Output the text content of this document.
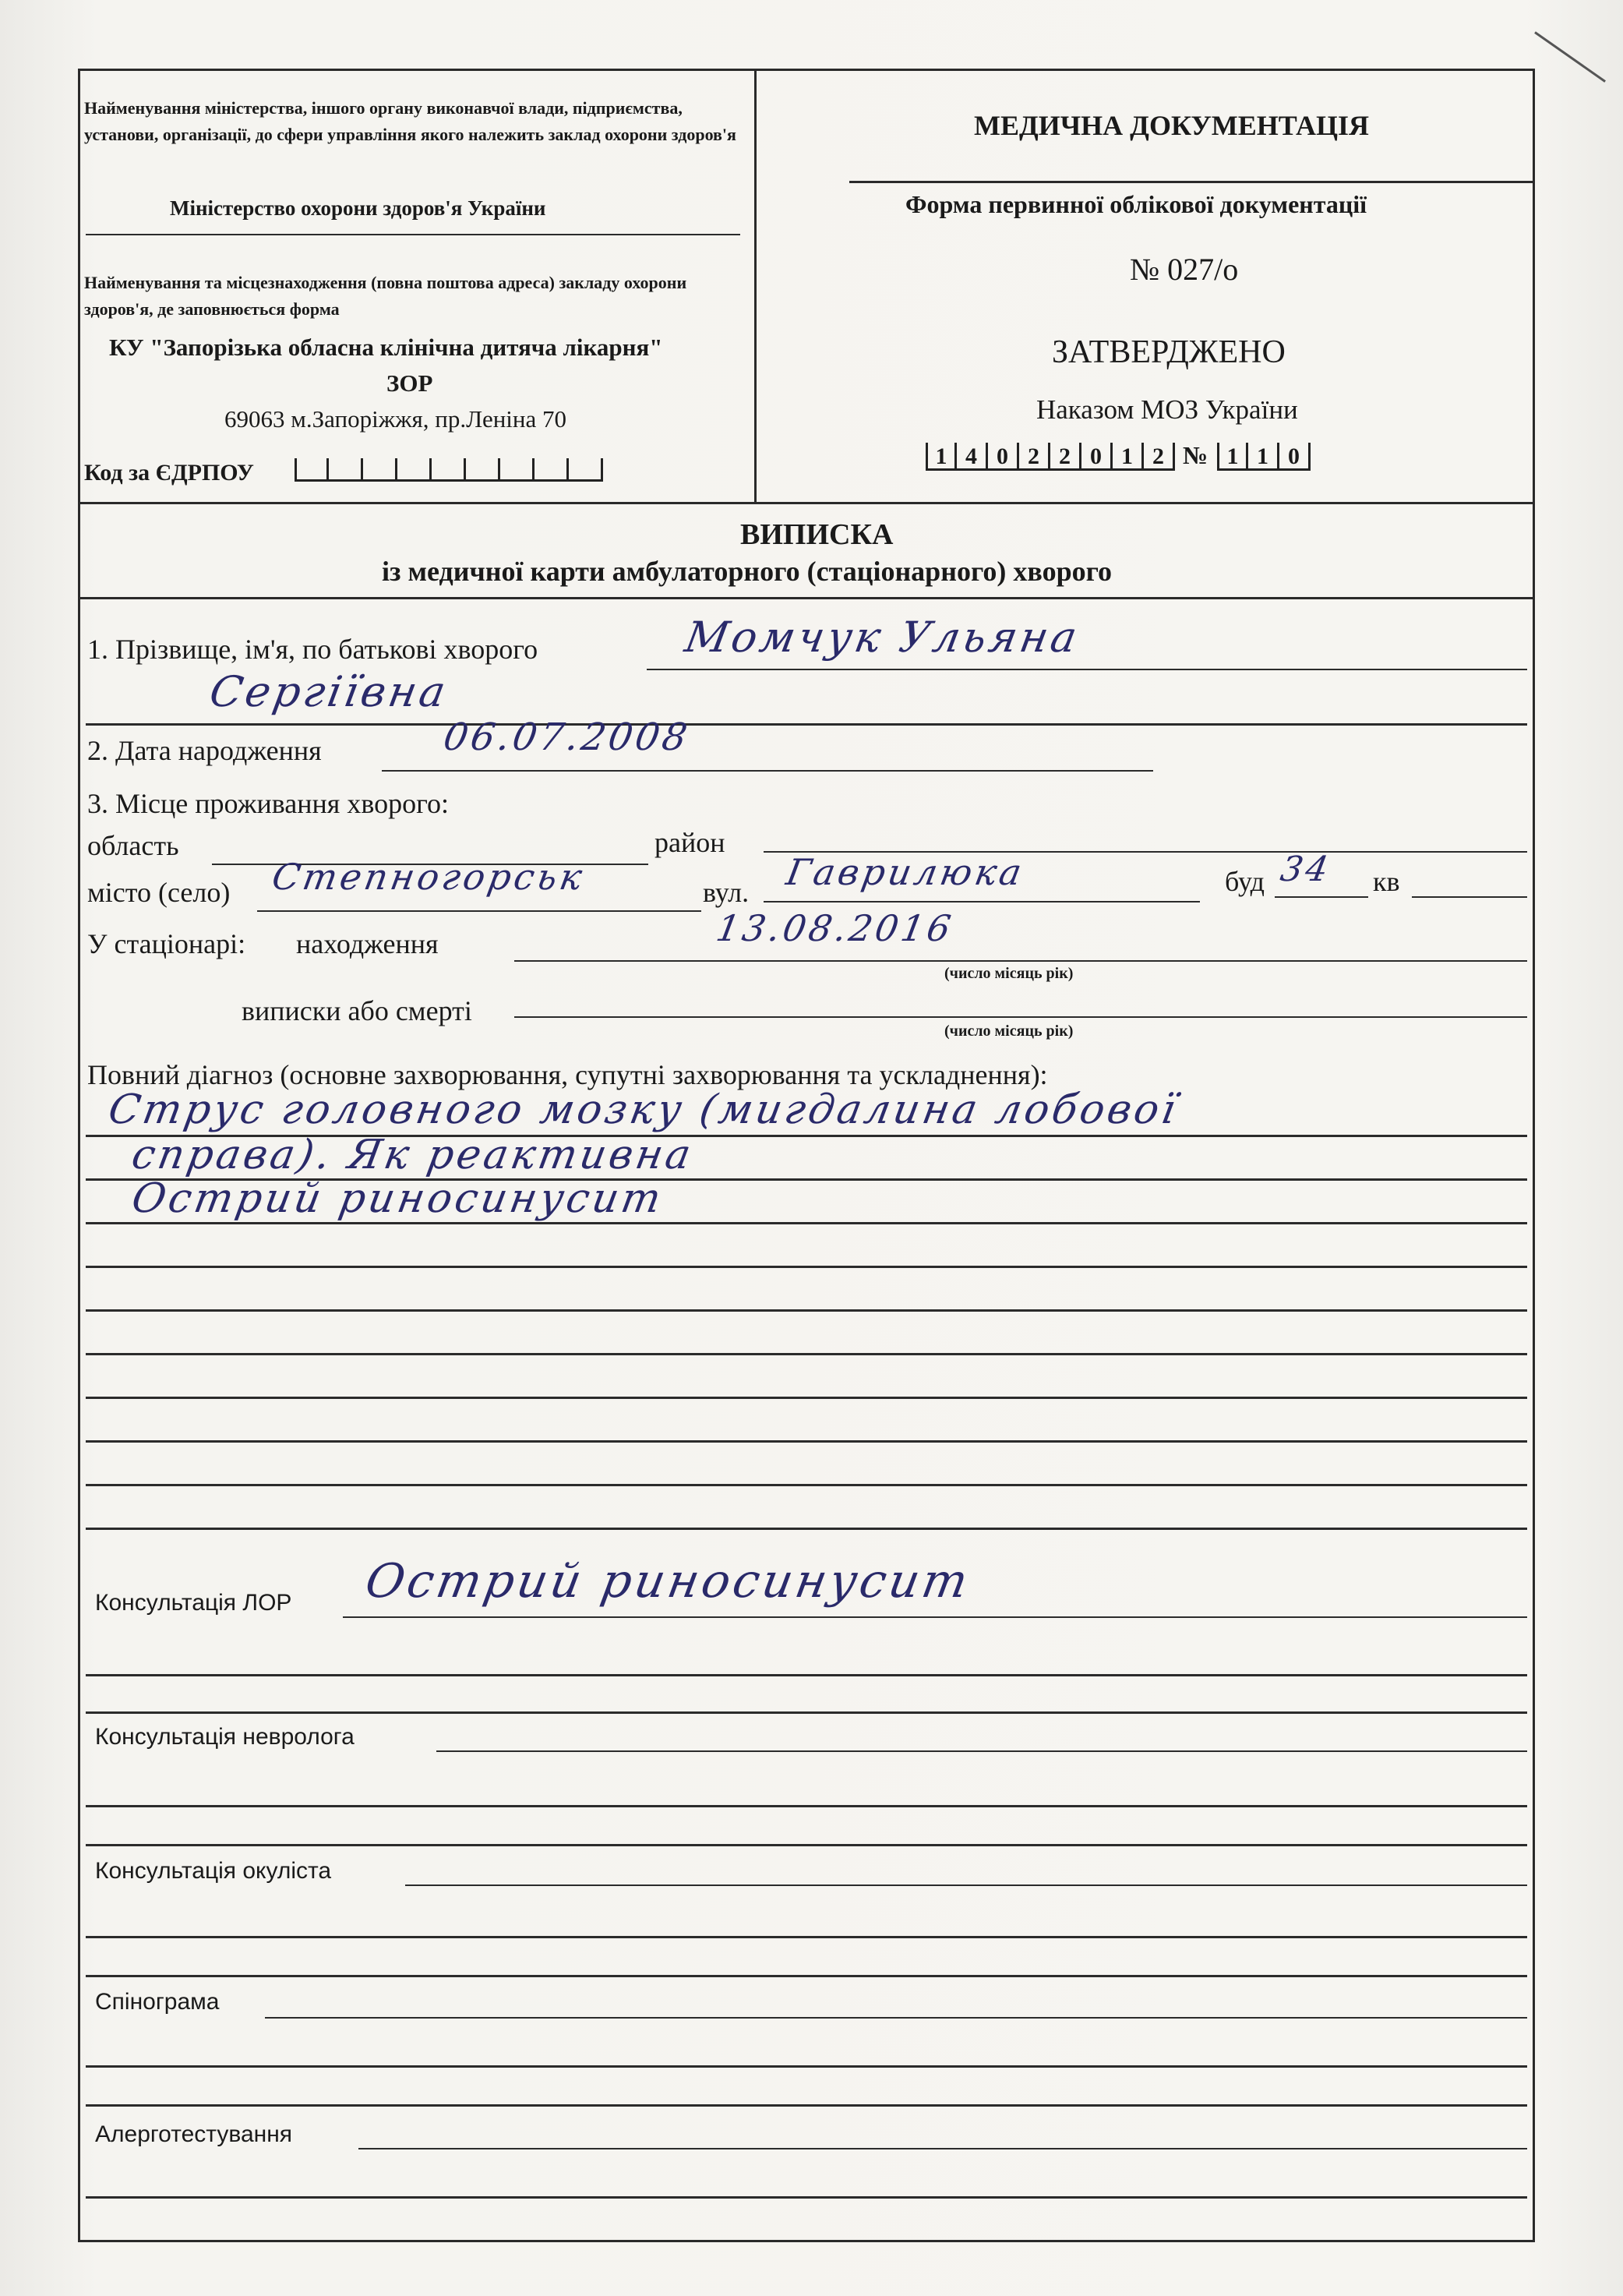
Найменування міністерства, іншого органу виконавчої влади, підприємства, установи, організації, до сфери управління якого належить заклад охорони здоров'я
Міністерство охорони здоров'я України
Найменування та місцезнаходження (повна поштова адреса) закладу охорони здоров'я, де заповнюється форма
КУ "Запорізька обласна клінічна дитяча лікарня"
ЗОР
69063 м.Запоріжжя, пр.Леніна 70
Код за ЄДРПОУ
МЕДИЧНА ДОКУМЕНТАЦІЯ
Форма первинної облікової документації
№ 027/о
ЗАТВЕРДЖЕНО
Наказом МОЗ України
1 4 0 2 2 0 1 2 № 1 1 0
ВИПИСКА
із медичної карти амбулаторного (стаціонарного) хворого
1. Прізвище, ім'я, по батькові хворого	Момчук Ульяна
Сергіївна
2. Дата народження	06.07.2008
3. Місце проживання хворого:
область	район
місто (село) Степногорськ	вул. Гаврилюка	буд 34 кв
У стаціонарі: находження	13.08.2016
(число місяць рік)
виписки або смерті
(число місяць рік)
Повний діагноз (основне захворювання, супутні захворювання та ускладнення):
Струс головного мозку (мигдалина лобової
справа). Як реактивна
Острий риносинусит
Консультація ЛОР Острий риносинусит
Консультація невролога
Консультація окуліста
Спінограма
Алерготестування
